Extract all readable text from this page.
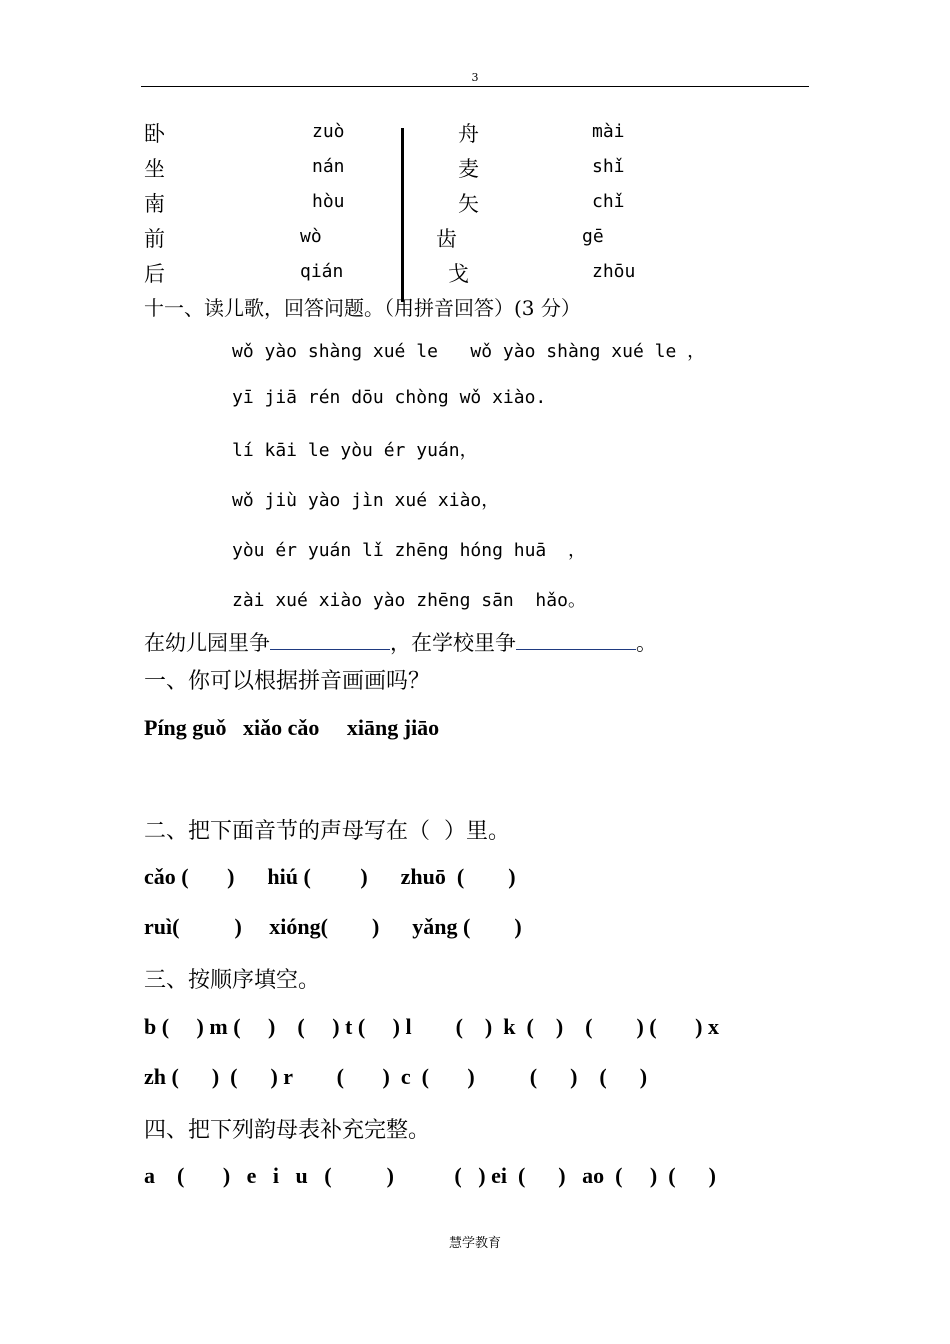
3
卧	zuò
坐	nán
南	hòu
前	wò
后	qián
舟	mài
麦	shǐ
矢	chǐ
齿	gē
戈	zhōu
十一、读儿歌，回答问题。（用拼音回答）(3 分）
wǒ yào shàng xué le   wǒ yào shàng xué le ，
yī jiā rén dōu chòng wǒ xiào.
lí kāi le yòu ér yuán，
wǒ jiù yào jìn xué xiào，
yòu ér yuán lǐ zhēng hóng huā  ，
zài xué xiào yào zhēng sān  hǎo。
在幼儿园里争	，在学校里争	。
一、你可以根据拼音画画吗？
Píng guǒ   xiǎo cǎo     xiāng jiāo
二、把下面音节的声母写在（  ）里。
cǎo (       )      hiú (         )      zhuō  (        )
ruì(          )     xióng(        )      yǎng (        )
三、按顺序填空。
b (     ) m (     )    (     ) t (     ) l        (    )  k  (    )    (        ) (       ) x
zh (      )  (      ) r        (       )  c  (       )          (      )    (      )
四、把下列韵母表补充完整。
a    (       )   e   i   u   (          )           (   ) ei  (      )   ao  (     )  (      )
慧学教育
